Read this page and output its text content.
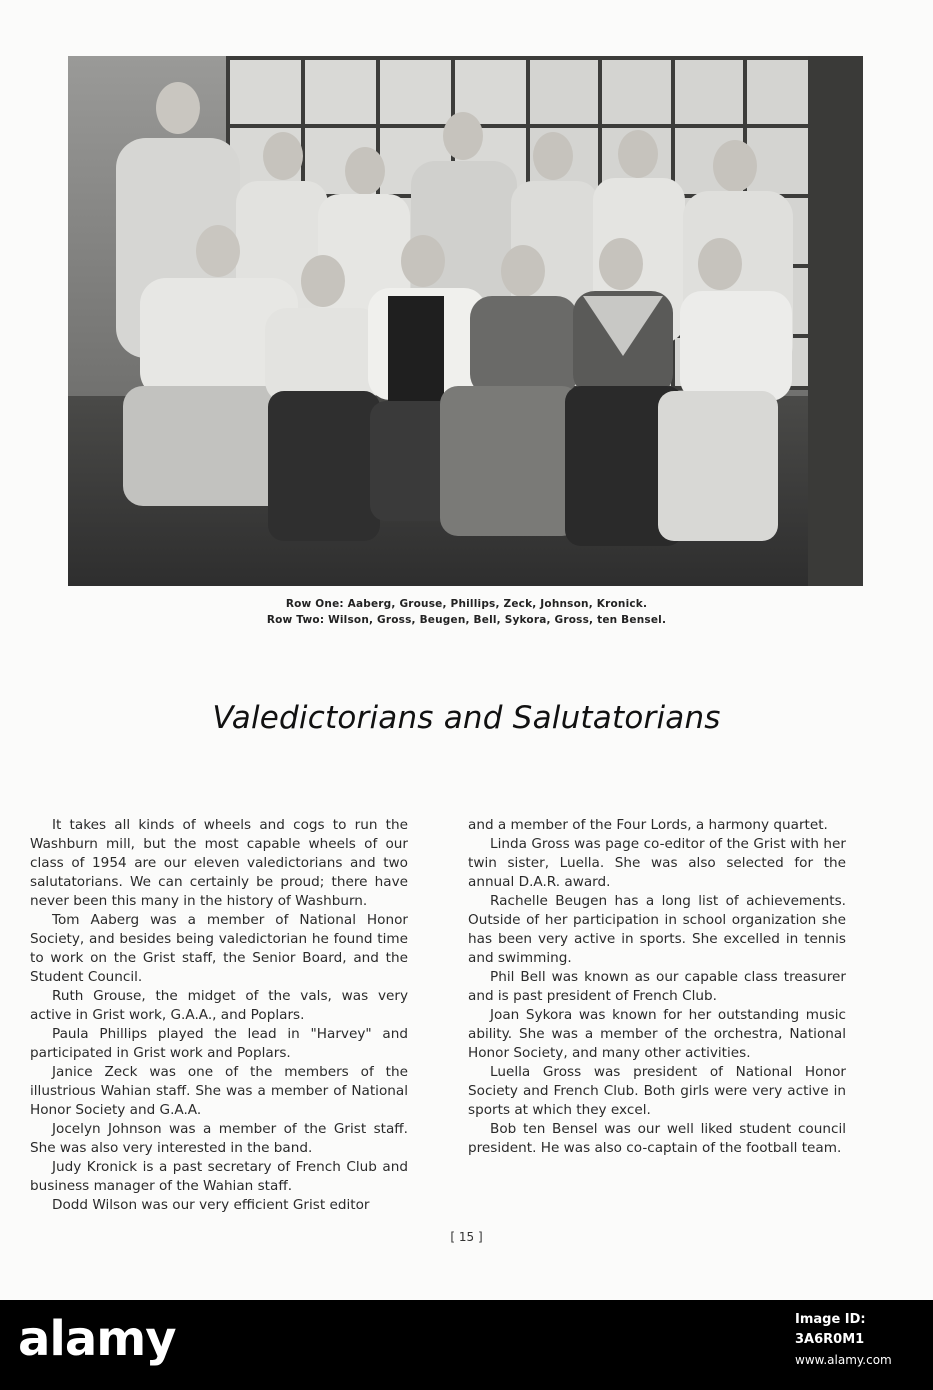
Row One: Aaberg, Grouse, Phillips, Zeck, Johnson, Kronick.
Row Two: Wilson, Gross, Beugen, Bell, Sykora, Gross, ten Bensel.
Valedictorians and Salutatorians

It takes all kinds of wheels and cogs to run the Washburn mill, but the most capable wheels of our class of 1954 are our eleven valedictorians and two salutatorians. We can certainly be proud; there have never been this many in the history of Washburn.

Tom Aaberg was a member of National Honor Society, and besides being valedictorian he found time to work on the Grist staff, the Senior Board, and the Student Council.

Ruth Grouse, the midget of the vals, was very active in Grist work, G.A.A., and Poplars.

Paula Phillips played the lead in "Harvey" and participated in Grist work and Poplars.

Janice Zeck was one of the members of the illustrious Wahian staff. She was a member of National Honor Society and G.A.A.

Jocelyn Johnson was a member of the Grist staff. She was also very interested in the band.

Judy Kronick is a past secretary of French Club and business manager of the Wahian staff.

Dodd Wilson was our very efficient Grist editor

and a member of the Four Lords, a harmony quartet.

Linda Gross was page co-editor of the Grist with her twin sister, Luella. She was also selected for the annual D.A.R. award.

Rachelle Beugen has a long list of achievements. Outside of her participation in school organization she has been very active in sports. She excelled in tennis and swimming.

Phil Bell was known as our capable class treasurer and is past president of French Club.

Joan Sykora was known for her outstanding music ability. She was a member of the orchestra, National Honor Society, and many other activities.

Luella Gross was president of National Honor Society and French Club. Both girls were very active in sports at which they excel.

Bob ten Bensel was our well liked student council president. He was also co-captain of the football team.

[ 15 ]
alamy	Image ID: 3A6R0M1
www.alamy.com
